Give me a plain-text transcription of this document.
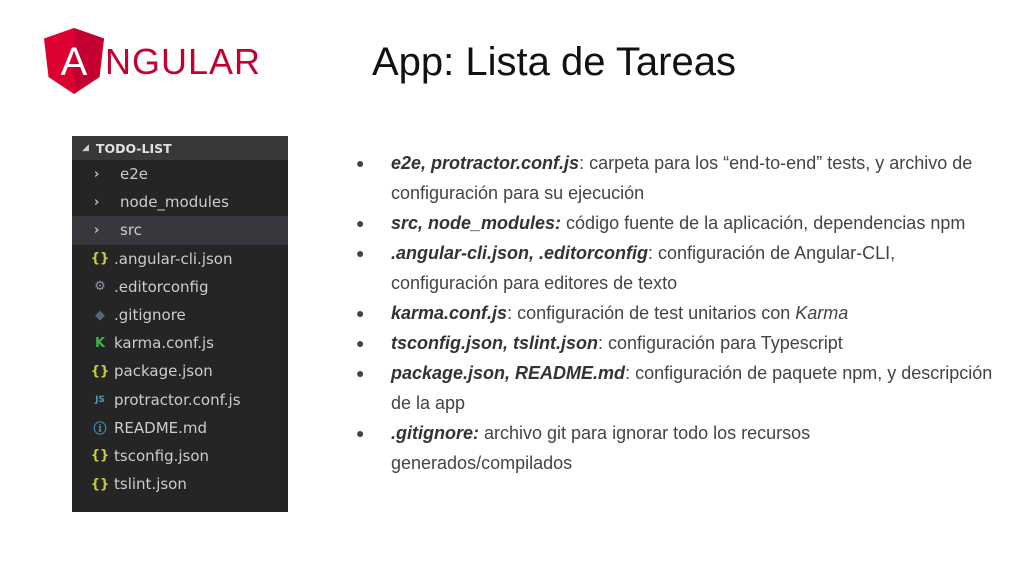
A NGULAR	App: Lista de Tareas
◢ TODO-LIST
›	e2e
›	node_modules
›	src
{} .angular-cli.json
⚙ .editorconfig
◆ .gitignore
K karma.conf.js
{} package.json
JS protractor.conf.js
ⓘ README.md
{} tsconfig.json
{} tslint.json
● e2e, protractor.conf.js: carpeta para los “end-to-end” tests, y archivo de configuración para su ejecución
● src, node_modules: código fuente de la aplicación, dependencias npm
● .angular-cli.json, .editorconfig: configuración de Angular-CLI, configuración para editores de texto
● karma.conf.js: configuración de test unitarios con Karma
● tsconfig.json, tslint.json: configuración para Typescript
● package.json, README.md: configuración de paquete npm, y descripción de la app
● .gitignore: archivo git para ignorar todo los recursos generados/compilados
